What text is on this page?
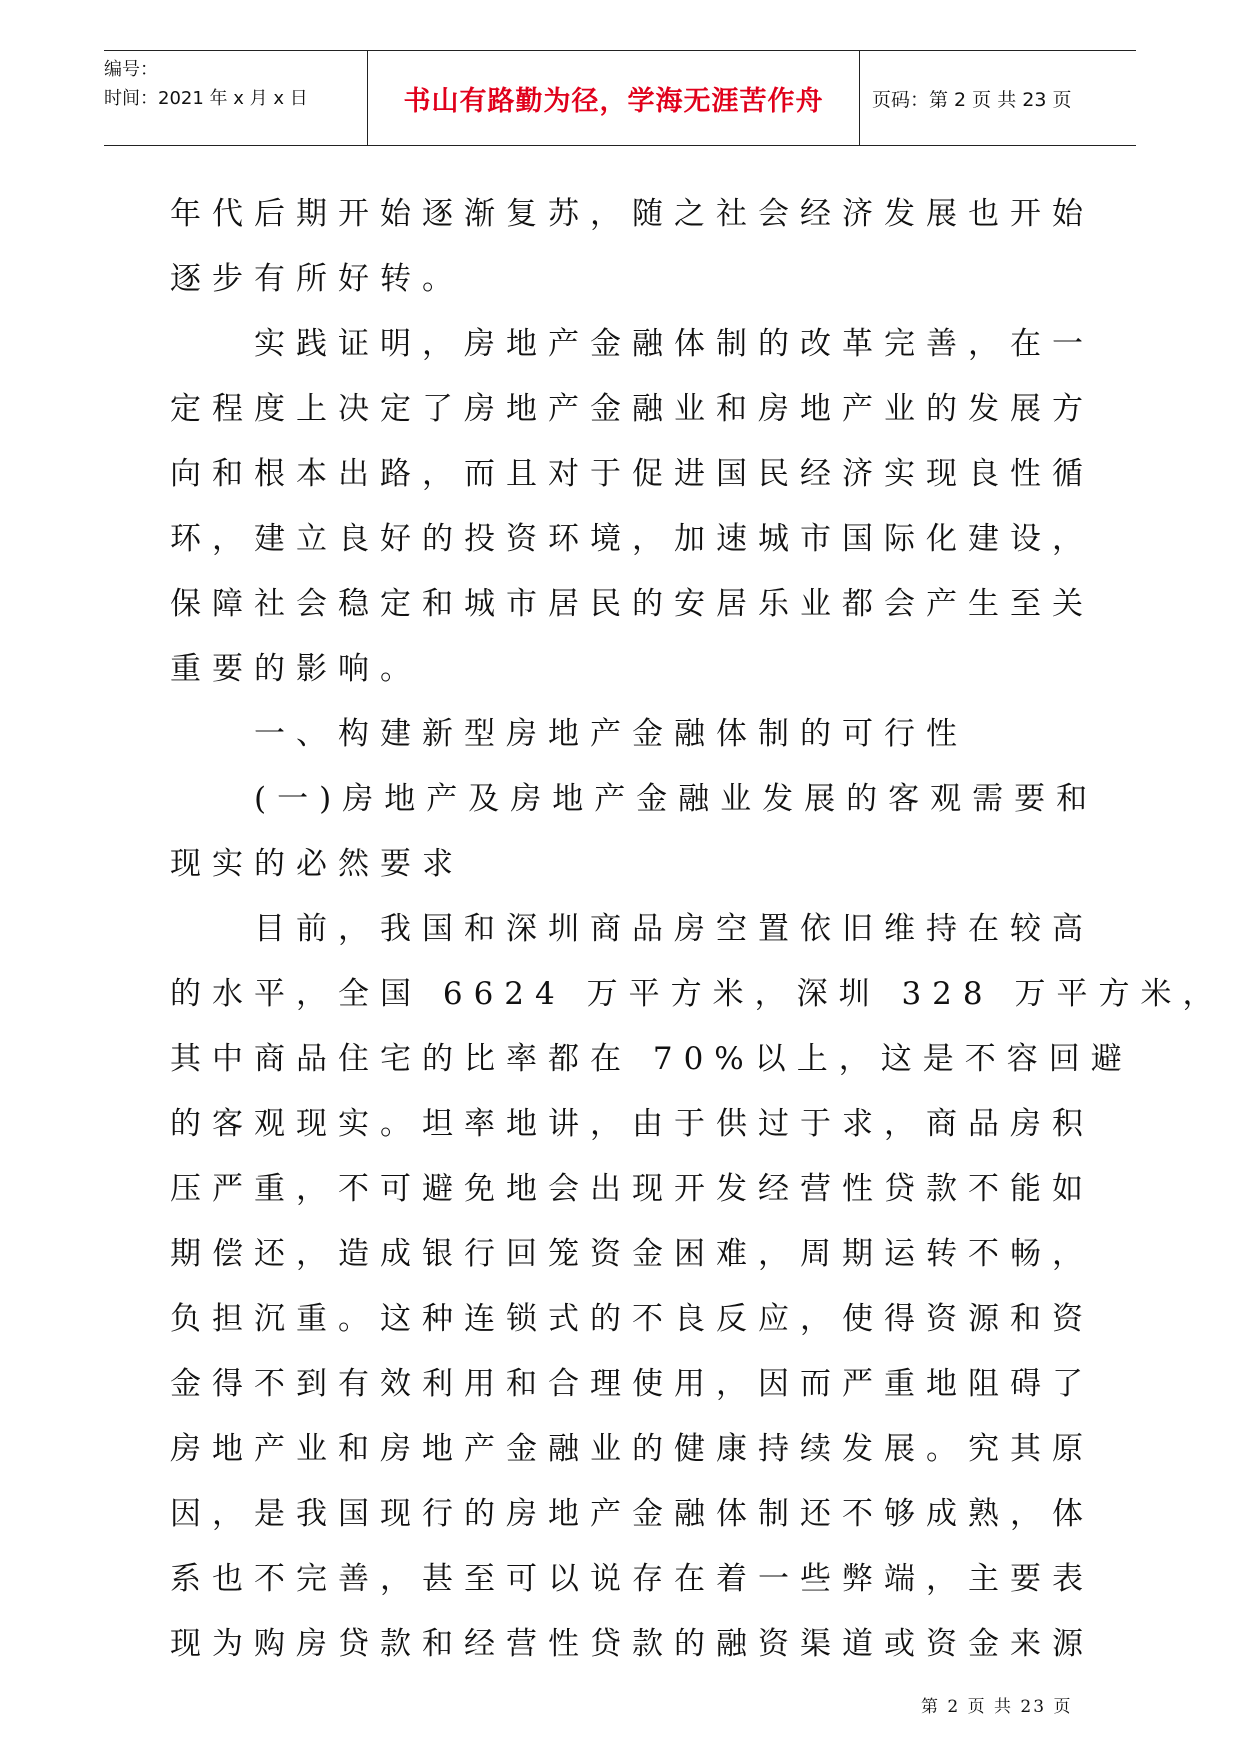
编号：
时间：2021 年 x 月 x 日	书山有路勤为径，学海无涯苦作舟	页码：第 2 页 共 23 页
年代后期开始逐渐复苏，随之社会经济发展也开始
逐步有所好转。
　　实践证明，房地产金融体制的改革完善，在一
定程度上决定了房地产金融业和房地产业的发展方
向和根本出路，而且对于促进国民经济实现良性循
环，建立良好的投资环境，加速城市国际化建设，
保障社会稳定和城市居民的安居乐业都会产生至关
重要的影响。
　　一、构建新型房地产金融体制的可行性
　　(一)房地产及房地产金融业发展的客观需要和
现实的必然要求
　　目前，我国和深圳商品房空置依旧维持在较高
的水平，全国 6624 万平方米，深圳 328 万平方米，
其中商品住宅的比率都在 70%以上，这是不容回避
的客观现实。坦率地讲，由于供过于求，商品房积
压严重，不可避免地会出现开发经营性贷款不能如
期偿还，造成银行回笼资金困难，周期运转不畅，
负担沉重。这种连锁式的不良反应，使得资源和资
金得不到有效利用和合理使用，因而严重地阻碍了
房地产业和房地产金融业的健康持续发展。究其原
因，是我国现行的房地产金融体制还不够成熟，体
系也不完善，甚至可以说存在着一些弊端，主要表
现为购房贷款和经营性贷款的融资渠道或资金来源
第 2 页 共 23 页
